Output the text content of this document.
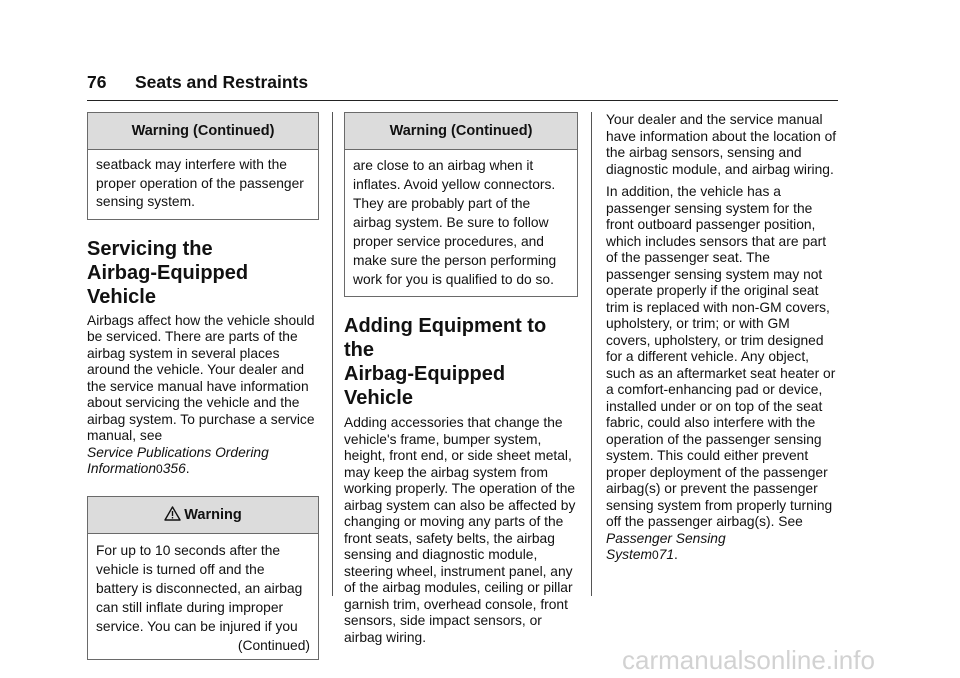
76 Seats and Restraints
Warning (Continued)

seatback may interfere with the proper operation of the passenger sensing system.

Servicing the
Airbag-Equipped Vehicle

Airbags affect how the vehicle should be serviced. There are parts of the airbag system in several places around the vehicle. Your dealer and the service manual have information about servicing the vehicle and the airbag system. To purchase a service manual, see
Service Publications Ordering
Information0356.

Warning

For up to 10 seconds after the vehicle is turned off and the battery is disconnected, an airbag can still inflate during improper service. You can be injured if you

(Continued)

Warning (Continued)

are close to an airbag when it inflates. Avoid yellow connectors. They are probably part of the airbag system. Be sure to follow proper service procedures, and make sure the person performing work for you is qualified to do so.

Adding Equipment to the
Airbag-Equipped Vehicle

Adding accessories that change the vehicle's frame, bumper system, height, front end, or side sheet metal, may keep the airbag system from working properly. The operation of the airbag system can also be affected by changing or moving any parts of the front seats, safety belts, the airbag sensing and diagnostic module, steering wheel, instrument panel, any of the airbag modules, ceiling or pillar garnish trim, overhead console, front sensors, side impact sensors, or airbag wiring.

Your dealer and the service manual have information about the location of the airbag sensors, sensing and diagnostic module, and airbag wiring.

In addition, the vehicle has a passenger sensing system for the front outboard passenger position, which includes sensors that are part of the passenger seat. The passenger sensing system may not operate properly if the original seat trim is replaced with non-GM covers, upholstery, or trim; or with GM covers, upholstery, or trim designed for a different vehicle. Any object, such as an aftermarket seat heater or a comfort-enhancing pad or device, installed under or on top of the seat fabric, could also interfere with the operation of the passenger sensing system. This could either prevent proper deployment of the passenger airbag(s) or prevent the passenger sensing system from properly turning off the passenger airbag(s). See Passenger Sensing
System071.

carmanualsonline.info
